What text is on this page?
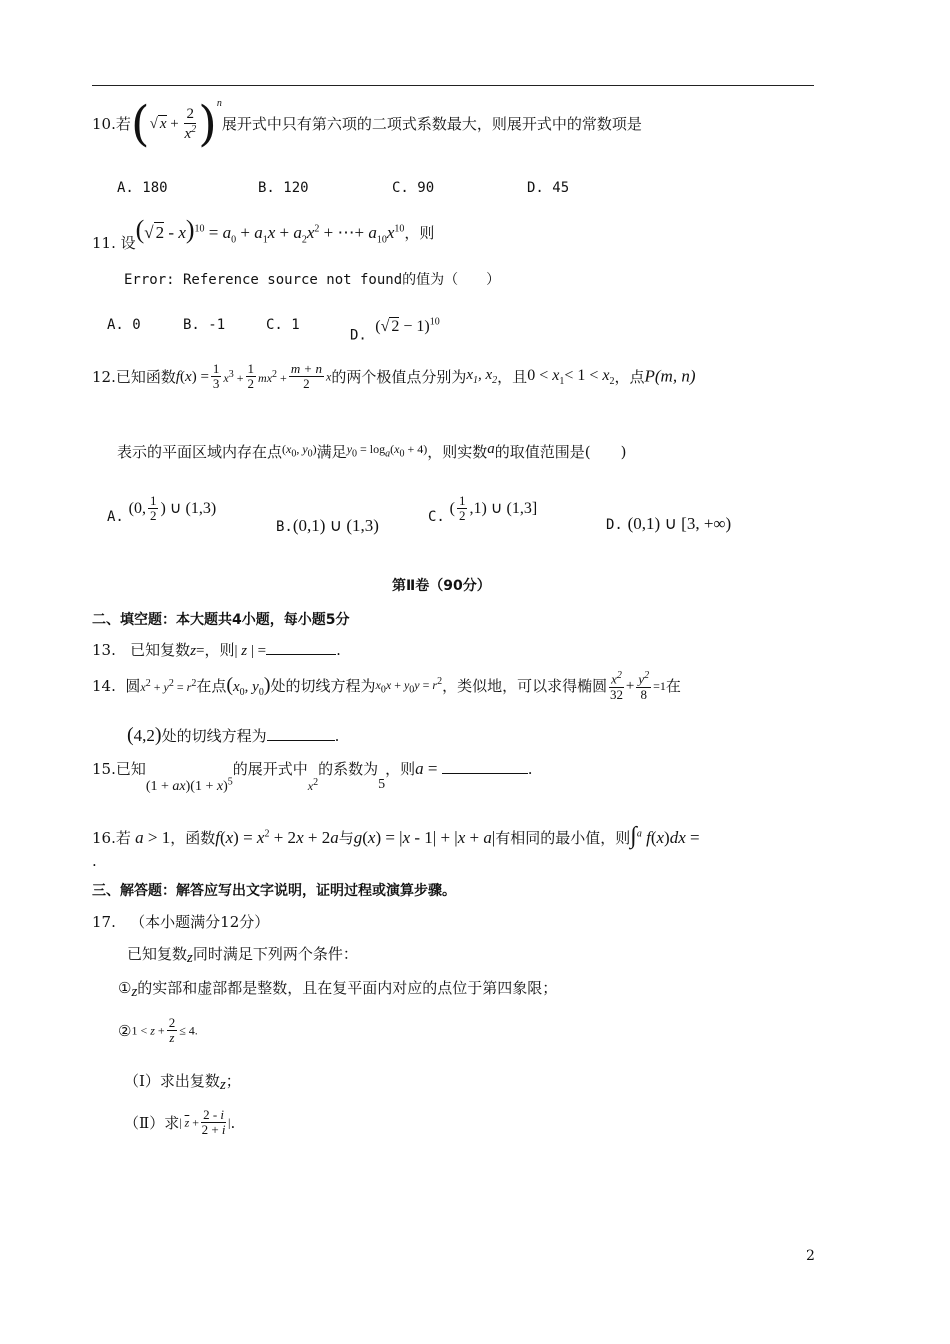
10.若(√ $x + \frac{2}{x^2} )^n$展开式中只有第六项的二项式系数最大，则展开式中的常数项是
A. 180	B. 120	C. 90	D. 45
11. 设(√ $2 - x)^{10} = a_0 + a_1x + a_2x^2$ + ⋯+ $a_{10}x^{10}$，则
Error: Reference source not found的值为（　　）
A. 0	B. -1	C. 1
D. (√ 2 − 1)$^{10}$
12.已知函数$f(x) = \frac{1}{3} x^3 + \frac{1}{2} mx^2 + \frac{m + n}{2}$ x的两个极值点分别为$x_1$, $x_2$，且$0 < x_1< 1 < x_2$，点P(m, n)
表示的平面区域内存在点$^{(x_0, y_0)}$满足$^{y_0 = log_a(x_0 + 4)}$，则实数a的取值范围是(　　)
A. (0, $\frac{1}{2}$ ) ∪ (1,3)
B.(0,1) ∪ (1,3)	C. ( $\frac{1}{2} ,1$) ∪ (1,3]
D. (0,1) ∪ [3, +∞)
第Ⅱ卷（90分）
二、填空题：本大题共4小题，每小题5分
13. 已知复数z=，则| z | =	.
14. 圆$x^2 + y^2 = r^2$在点($x_0$, $y_0$)处的切线方程为$x_0x + y_0y = r^2$，类似地，可以求得椭圆 $\frac{x^2}{32} + \frac{y^2}{8} =1$在
(4,2)处的切线方程为	.
15.已知$(1 + ax)(1 + x)^5$的展开式中$_{x^2}$的系数为5，则a =	.
16.若 a > 1，函数$f(x) = x^2 + 2x + 2a$与g(x) = |x - 1| + |x + a|有相同的最小值，则∫$^a$ f(x)dx =
.
三、解答题：解答应写出文字说明，证明过程或演算步骤。
17. （本小题满分12分）
已知复数z同时满足下列两个条件：
①z的实部和虚部都是整数，且在复平面内对应的点位于第四象限；
②1 < $z + \frac{2}{z} \le 4$.
（Ⅰ）求出复数z；
（Ⅱ）求| $\overline{z} + \frac{2 - i}{2 + i}$ |.
2
